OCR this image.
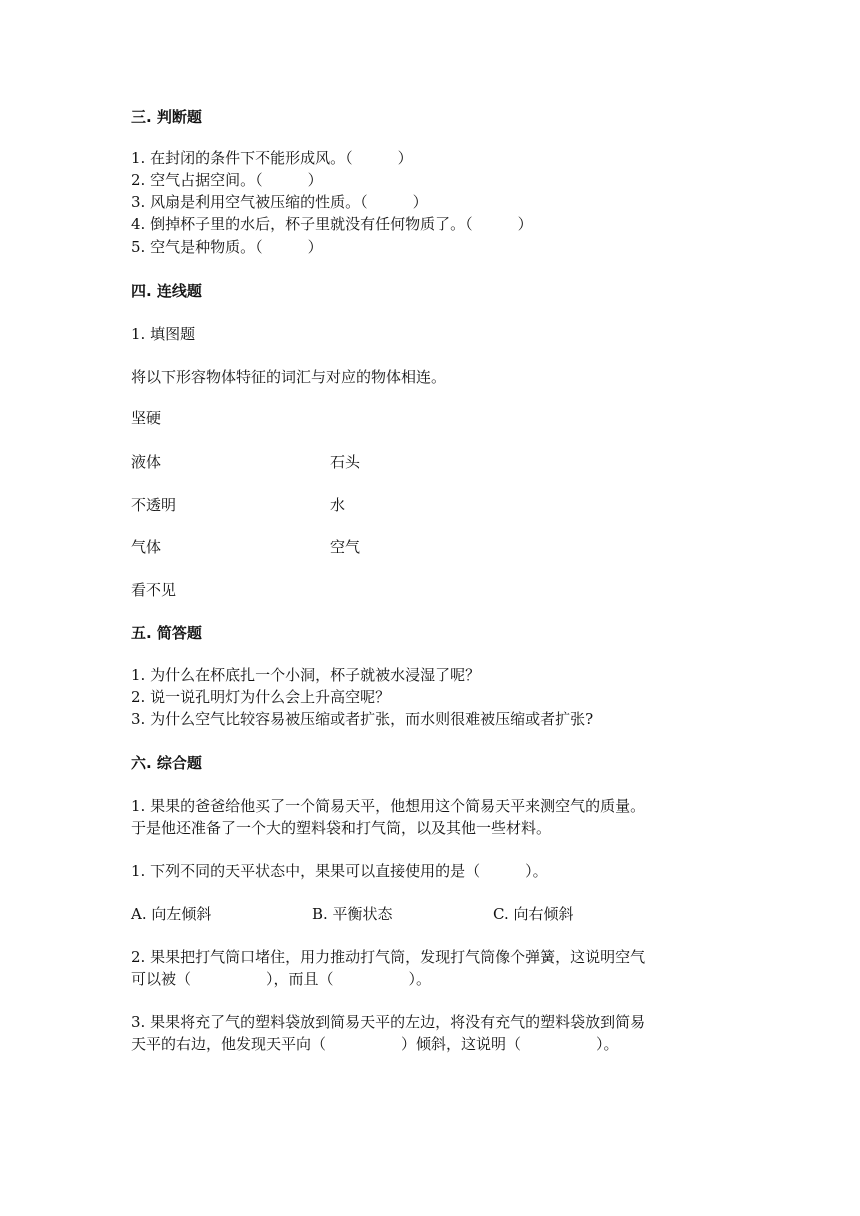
三. 判断题
1. 在封闭的条件下不能形成风。（　　　）
2. 空气占据空间。（　　　）
3. 风扇是利用空气被压缩的性质。（　　　）
4. 倒掉杯子里的水后，杯子里就没有任何物质了。（　　　）
5. 空气是种物质。（　　　）
四. 连线题
1. 填图题
将以下形容物体特征的词汇与对应的物体相连。
坚硬
液体
不透明
气体
看不见
石头
水
空气
五. 简答题
1. 为什么在杯底扎一个小洞，杯子就被水浸湿了呢？
2. 说一说孔明灯为什么会上升高空呢？
3. 为什么空气比较容易被压缩或者扩张，而水则很难被压缩或者扩张?
六. 综合题
1. 果果的爸爸给他买了一个简易天平，他想用这个简易天平来测空气的质量。
于是他还准备了一个大的塑料袋和打气筒，以及其他一些材料。
1. 下列不同的天平状态中，果果可以直接使用的是（　　　）。
A. 向左倾斜	B. 平衡状态	C. 向右倾斜
2. 果果把打气筒口堵住，用力推动打气筒，发现打气筒像个弹簧，这说明空气
可以被（　　　　　），而且（　　　　　）。
3. 果果将充了气的塑料袋放到简易天平的左边，将没有充气的塑料袋放到简易
天平的右边，他发现天平向（　　　　　）倾斜，这说明（　　　　　）。
